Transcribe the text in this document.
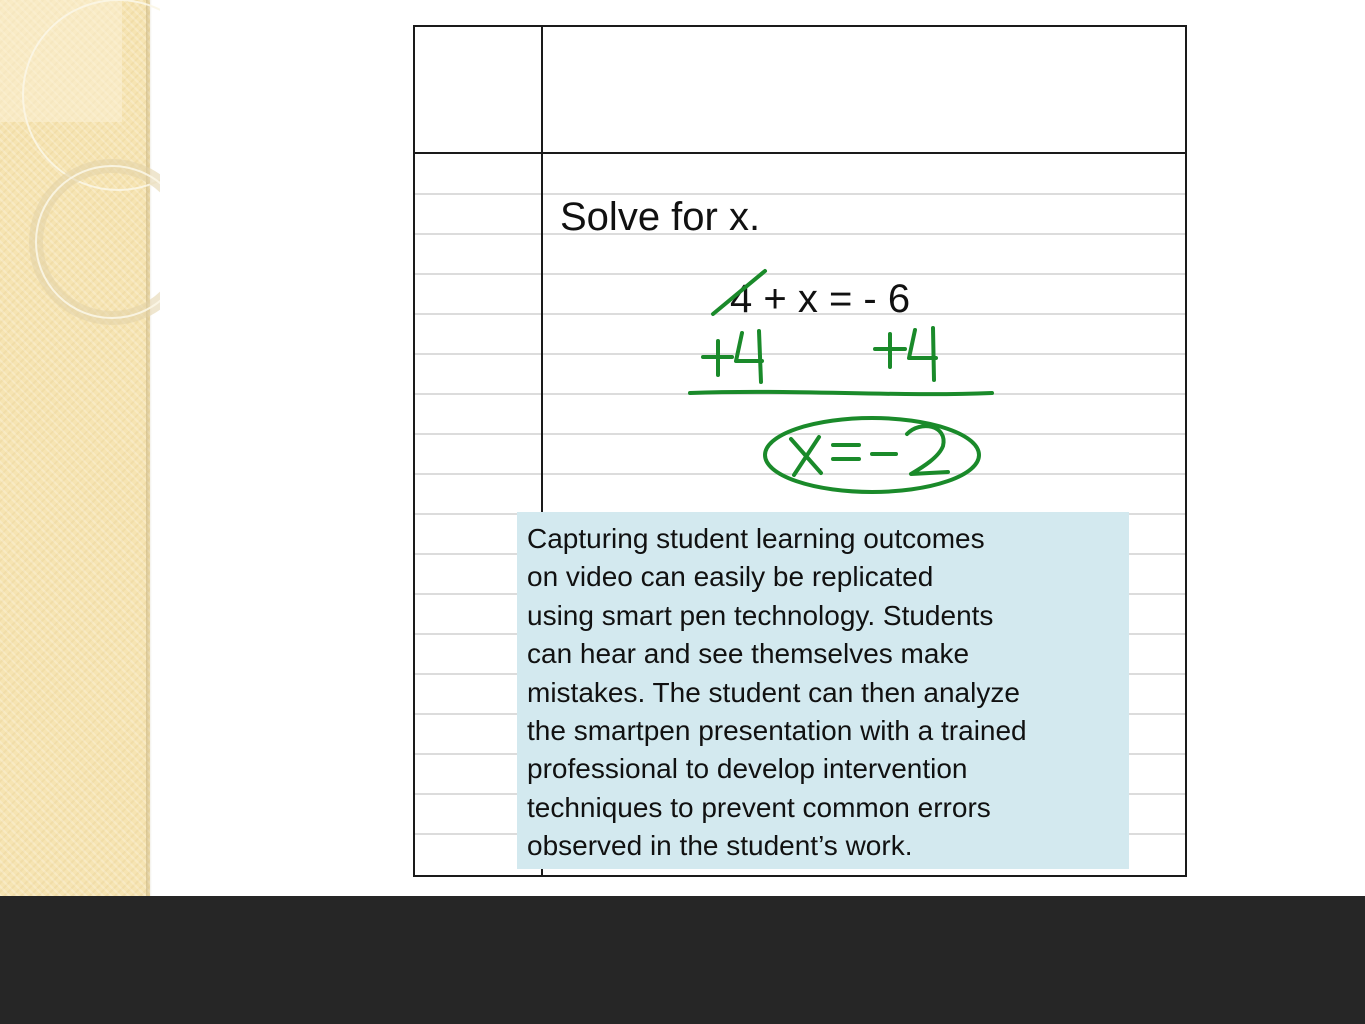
Solve for x.

4 + x = - 6

Capturing student learning outcomes
on video can easily be replicated
using smart pen technology. Students
can hear and see themselves make
mistakes. The student can then analyze
the smartpen presentation with a trained
professional to develop intervention
techniques to prevent common errors
observed in the student’s work.
